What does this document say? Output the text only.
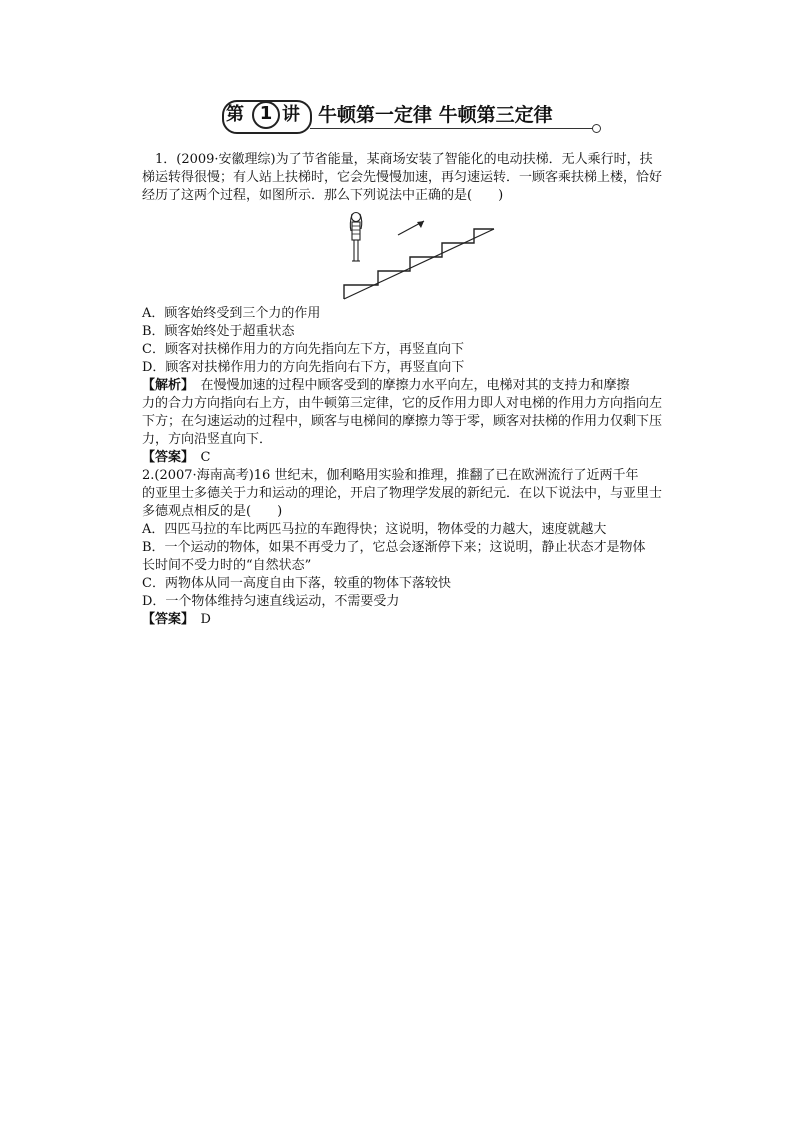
第 1 讲 牛顿第一定律 牛顿第三定律

1．(2009·安徽理综)为了节省能量，某商场安装了智能化的电动扶梯．无人乘行时，扶

梯运转得很慢；有人站上扶梯时，它会先慢慢加速，再匀速运转．一顾客乘扶梯上楼，恰好

经历了这两个过程，如图所示．那么下列说法中正确的是(　　)

A．顾客始终受到三个力的作用

B．顾客始终处于超重状态

C．顾客对扶梯作用力的方向先指向左下方，再竖直向下

D．顾客对扶梯作用力的方向先指向右下方，再竖直向下

【解析】　在慢慢加速的过程中顾客受到的摩擦力水平向左，电梯对其的支持力和摩擦

力的合力方向指向右上方，由牛顿第三定律，它的反作用力即人对电梯的作用力方向指向左

下方；在匀速运动的过程中，顾客与电梯间的摩擦力等于零，顾客对扶梯的作用力仅剩下压

力，方向沿竖直向下．

【答案】　 C

2.(2007·海南高考)16 世纪末，伽利略用实验和推理，推翻了已在欧洲流行了近两千年

的亚里士多德关于力和运动的理论，开启了物理学发展的新纪元．在以下说法中，与亚里士

多德观点相反的是(　　)

A．四匹马拉的车比两匹马拉的车跑得快；这说明，物体受的力越大，速度就越大

B．一个运动的物体，如果不再受力了，它总会逐渐停下来；这说明，静止状态才是物体

长时间不受力时的“自然状态”

C．两物体从同一高度自由下落，较重的物体下落较快

D．一个物体维持匀速直线运动，不需要受力

【答案】　 D
